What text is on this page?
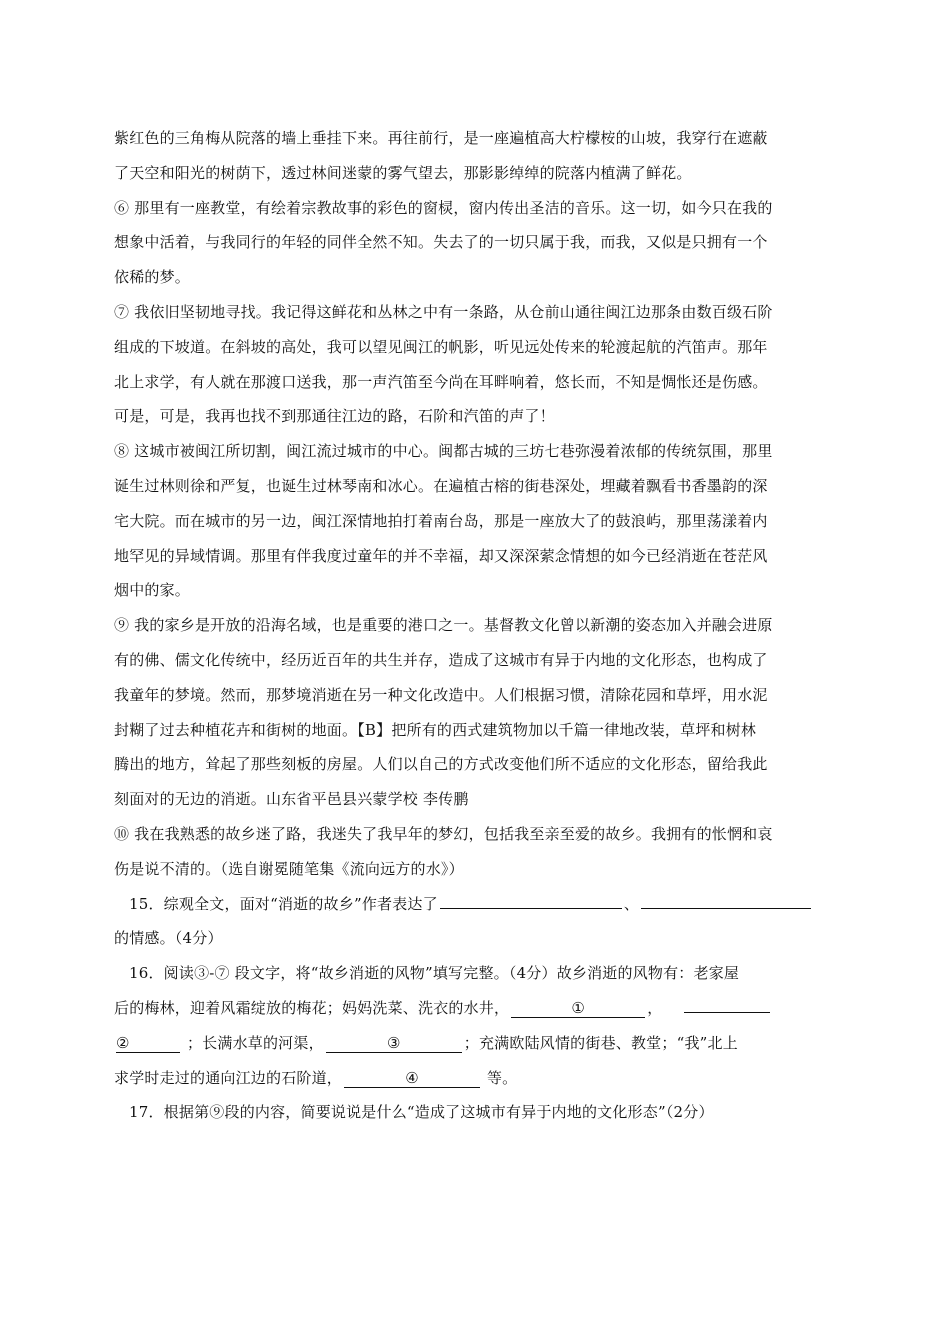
紫红色的三角梅从院落的墙上垂挂下来。再往前行，是一座遍植高大柠檬桉的山坡，我穿行在遮蔽
了天空和阳光的树荫下，透过林间迷蒙的雾气望去，那影影绰绰的院落内植满了鲜花。
⑥ 那里有一座教堂，有绘着宗教故事的彩色的窗棂，窗内传出圣洁的音乐。这一切，如今只在我的
想象中活着，与我同行的年轻的同伴全然不知。失去了的一切只属于我，而我，又似是只拥有一个
依稀的梦。
⑦ 我依旧坚韧地寻找。我记得这鲜花和丛林之中有一条路，从仓前山通往闽江边那条由数百级石阶
组成的下坡道。在斜坡的高处，我可以望见闽江的帆影，听见远处传来的轮渡起航的汽笛声。那年
北上求学，有人就在那渡口送我，那一声汽笛至今尚在耳畔响着，悠长而，不知是惆怅还是伤感。
可是，可是，我再也找不到那通往江边的路，石阶和汽笛的声了！
⑧ 这城市被闽江所切割，闽江流过城市的中心。闽都古城的三坊七巷弥漫着浓郁的传统氛围，那里
诞生过林则徐和严复，也诞生过林琴南和冰心。在遍植古榕的街巷深处，埋藏着飘看书香墨韵的深
宅大院。而在城市的另一边，闽江深情地拍打着南台岛，那是一座放大了的鼓浪屿，那里荡漾着内
地罕见的异域情调。那里有伴我度过童年的并不幸福，却又深深萦念情想的如今已经消逝在苍茫风
烟中的家。
⑨ 我的家乡是开放的沿海名域，也是重要的港口之一。基督教文化曾以新潮的姿态加入并融会进原
有的佛、儒文化传统中，经历近百年的共生并存，造成了这城市有异于内地的文化形态，也构成了
我童年的梦境。然而，那梦境消逝在另一种文化改造中。人们根据习惯，清除花园和草坪，用水泥
封糊了过去种植花卉和街树的地面。【B】把所有的西式建筑物加以千篇一律地改装，草坪和树林
腾出的地方，耸起了那些刻板的房屋。人们以自己的方式改变他们所不适应的文化形态，留给我此
刻面对的无边的消逝。山东省平邑县兴蒙学校 李传鹏
⑩ 我在我熟悉的故乡迷了路，我迷失了我早年的梦幻，包括我至亲至爱的故乡。我拥有的怅惘和哀
伤是说不清的。（选自谢冕随笔集《流向远方的水》）
15．综观全文，面对“消逝的故乡”作者表达了	、
的情感。（4分）
16．阅读③-⑦ 段文字，将“故乡消逝的风物”填写完整。（4分）故乡消逝的风物有：老家屋
后的梅林，迎着风霜绽放的梅花；妈妈洗菜、洗衣的水井，	①	，
②	；长满水草的河渠，	③	；充满欧陆风情的街巷、教堂；“我”北上
求学时走过的通向江边的石阶道，	④	等。
17．根据第⑨段的内容，简要说说是什么“造成了这城市有异于内地的文化形态”（2分）
